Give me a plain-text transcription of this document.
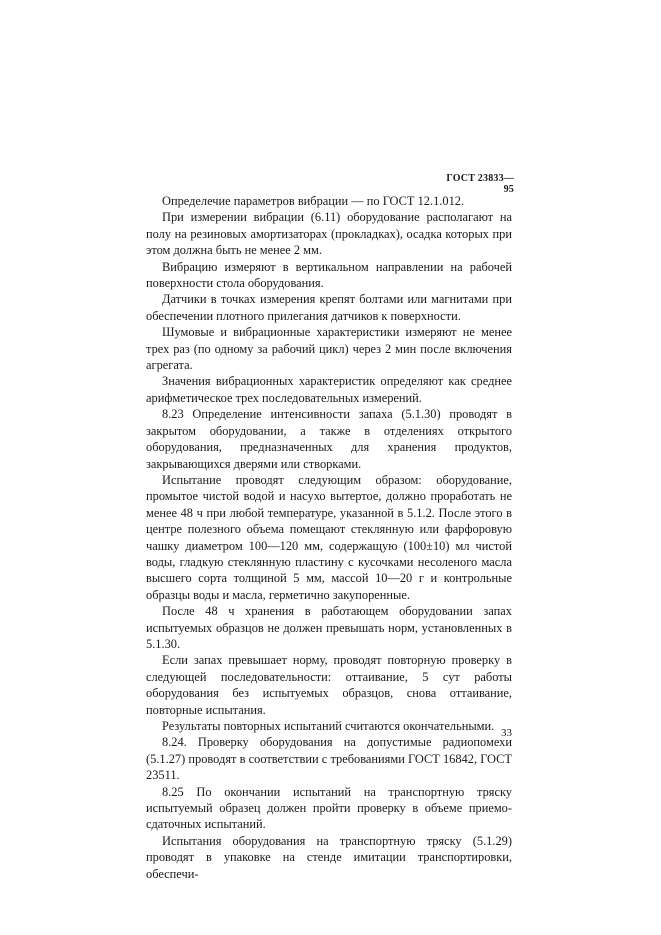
ГОСТ 23833—95

Определечие параметров вибрации — по ГОСТ 12.1.012.

При измерении вибрации (6.11) оборудование располагают на полу на резиновых амортизаторах (прокладках), осадка которых при этом должна быть не менее 2 мм.

Вибрацию измеряют в вертикальном направлении на рабочей поверхности стола оборудования.

Датчики в точках измерения крепят болтами или магнитами при обеспечении плотного прилегания датчиков к поверхности.

Шумовые и вибрационные характеристики измеряют не менее трех раз (по одному за рабочий цикл) через 2 мин после включения агрегата.

Значения вибрационных характеристик определяют как среднее арифметическое трех последовательных измерений.

8.23 Определение интенсивности запаха (5.1.30) проводят в закрытом оборудовании, а также в отделениях открытого оборудования, предназначенных для хранения продуктов, закрывающихся дверями или створками.

Испытание проводят следующим образом: оборудование, промытое чистой водой и насухо вытертое, должно проработать не менее 48 ч при любой температуре, указанной в 5.1.2. После этого в центре полезного объема помещают стеклянную или фарфоровую чашку диаметром 100—120 мм, содержащую (100±10) мл чистой воды, гладкую стеклянную пластину с кусочками несоленого масла высшего сорта толщиной 5 мм, массой 10—20 г и контрольные образцы воды и масла, герметично закупоренные.

После 48 ч хранения в работающем оборудовании запах испытуемых образцов не должен превышать норм, установленных в 5.1.30.

Если запах превышает норму, проводят повторную проверку в следующей последовательности: оттаивание, 5 сут работы оборудования без испытуемых образцов, снова оттаивание, повторные испытания.

Результаты повторных испытаний считаются окончательными.

8.24. Проверку оборудования на допустимые радиопомехи (5.1.27) проводят в соответствии с требованиями ГОСТ 16842, ГОСТ 23511.

8.25 По окончании испытаний на транспортную тряску испытуемый образец должен пройти проверку в объеме приемо-сдаточных испытаний.

Испытания оборудования на транспортную тряску (5.1.29) проводят в упаковке на стенде имитации транспортировки, обеспечи-

33
